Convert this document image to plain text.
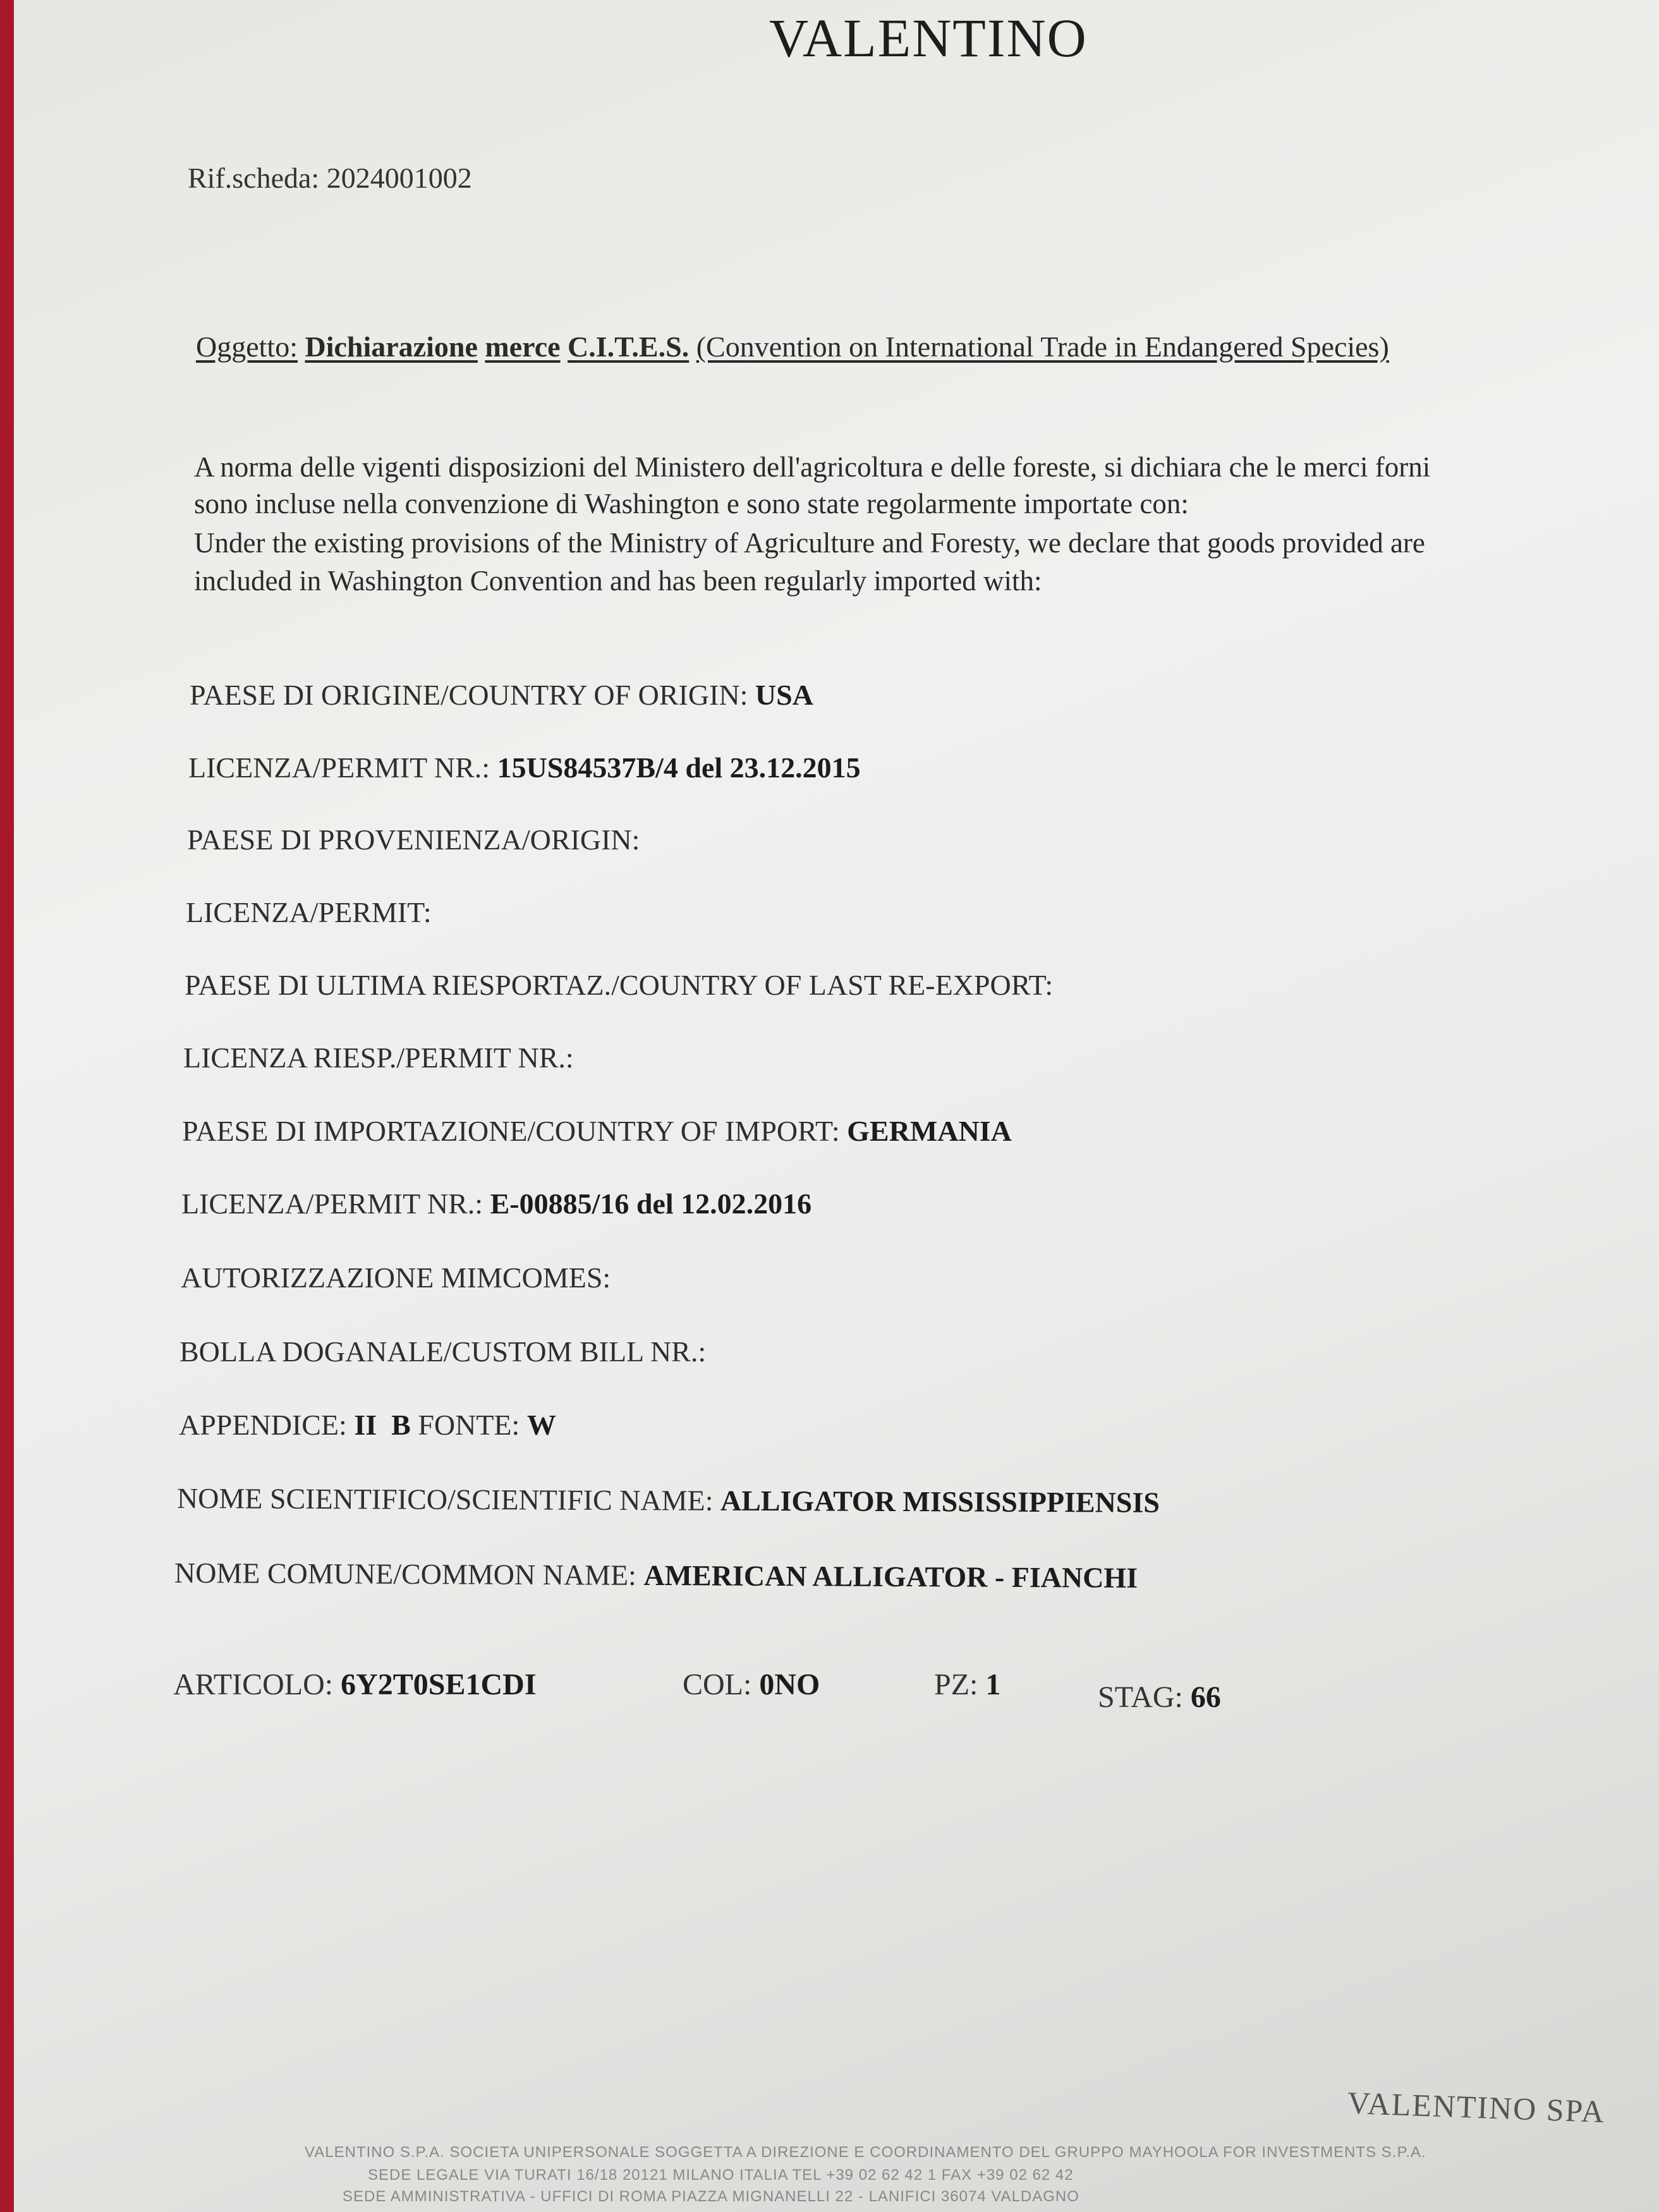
VALENTINO
Rif.scheda: 2024001002
Oggetto: Dichiarazione merce C.I.T.E.S. (Convention on International Trade in Endangered Species)
A norma delle vigenti disposizioni del Ministero dell'agricoltura e delle foreste, si dichiara che le merci forni
sono incluse nella convenzione di Washington e sono state regolarmente importate con:
Under the existing provisions of the Ministry of Agriculture and Foresty, we declare that goods provided are
included in Washington Convention and has been regularly imported with:
PAESE DI ORIGINE/COUNTRY OF ORIGIN: USA
LICENZA/PERMIT NR.: 15US84537B/4 del 23.12.2015
PAESE DI PROVENIENZA/ORIGIN:
LICENZA/PERMIT:
PAESE DI ULTIMA RIESPORTAZ./COUNTRY OF LAST RE-EXPORT:
LICENZA RIESP./PERMIT NR.:
PAESE DI IMPORTAZIONE/COUNTRY OF IMPORT: GERMANIA
LICENZA/PERMIT NR.: E-00885/16 del 12.02.2016
AUTORIZZAZIONE MIMCOMES:
BOLLA DOGANALE/CUSTOM BILL NR.:
APPENDICE: II B FONTE: W
NOME SCIENTIFICO/SCIENTIFIC NAME: ALLIGATOR MISSISSIPPIENSIS
NOME COMUNE/COMMON NAME: AMERICAN ALLIGATOR - FIANCHI
ARTICOLO: 6Y2T0SE1CDI	COL: 0NO	PZ: 1	STAG: 66
VALENTINO SPA
VALENTINO S.P.A. SOCIETA UNIPERSONALE SOGGETTA A DIREZIONE E COORDINAMENTO DEL GRUPPO MAYHOOLA FOR INVESTMENTS S.P.A.
SEDE LEGALE VIA TURATI 16/18 20121 MILANO ITALIA TEL +39 02 62 42 1 FAX +39 02 62 42
SEDE AMMINISTRATIVA - UFFICI DI ROMA PIAZZA MIGNANELLI 22 - LANIFICI 36074 VALDAGNO
